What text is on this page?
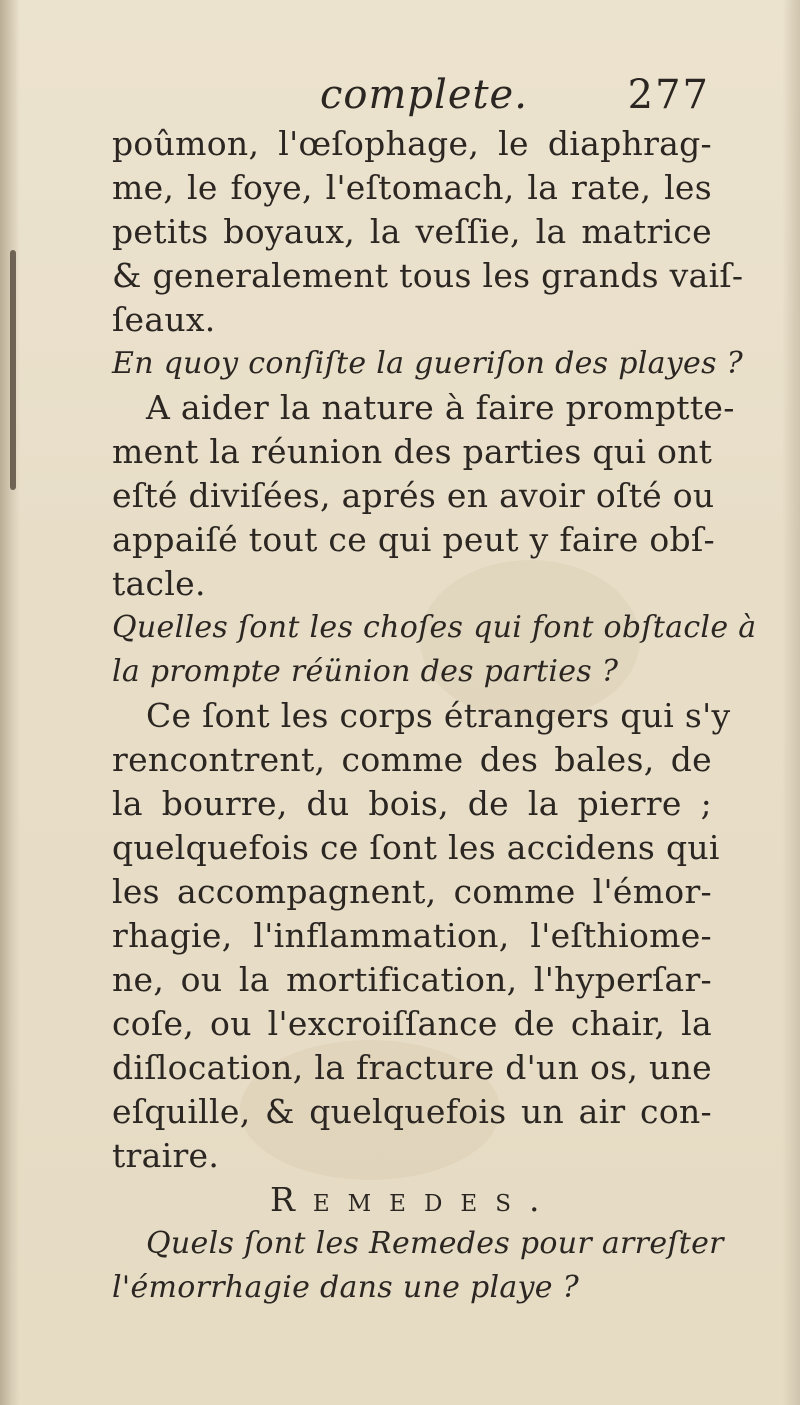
complete. 277
poûmon, l'œſophage, le diaphrag-
me, le foye, l'eſtomach, la rate, les
petits boyaux, la veſſie, la matrice
& generalement tous les grands vaiſ-
ſeaux.
En quoy conſiſte la gueriſon des playes ?
A aider la nature à faire promptte-
ment la réunion des parties qui ont
eſté diviſées, aprés en avoir oſté ou
appaiſé tout ce qui peut y faire obſ-
tacle.
Quelles ſont les choſes qui font obſtacle à
la prompte réünion des parties ?
Ce ſont les corps étrangers qui s'y
rencontrent, comme des bales, de
la bourre, du bois, de la pierre ;
quelquefois ce ſont les accidens qui
les accompagnent, comme l'émor-
rhagie, l'inflammation, l'eſthiome-
ne, ou la mortification, l'hyperſar-
coſe, ou l'excroiſſance de chair, la
diſlocation, la fracture d'un os, une
eſquille, & quelquefois un air con-
traire.
Remedes.
Quels ſont les Remedes pour arreſter
l'émorrhagie dans une playe ?
